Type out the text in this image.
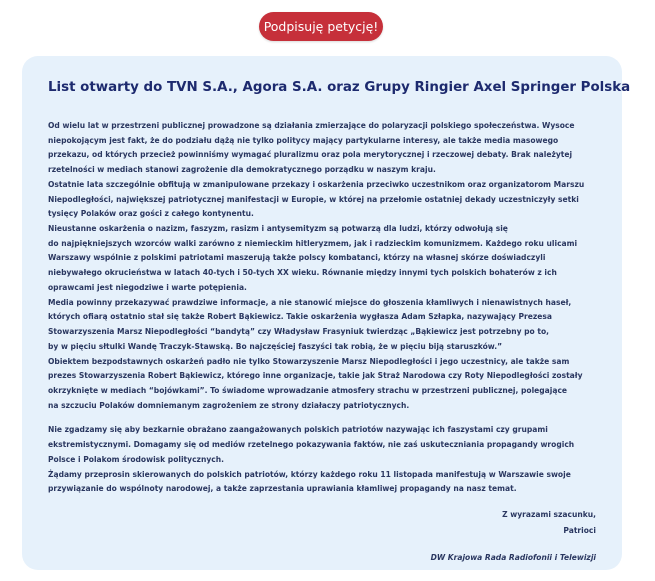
Podpisuję petycję!
List otwarty do TVN S.A., Agora S.A. oraz Grupy Ringier Axel Springer Polska
Od wielu lat w przestrzeni publicznej prowadzone są działania zmierzające do polaryzacji polskiego społeczeństwa. Wysoce
niepokojącym jest fakt, że do podziału dążą nie tylko politycy mający partykularne interesy, ale także media masowego
przekazu, od których przecież powinniśmy wymagać pluralizmu oraz pola merytorycznej i rzeczowej debaty. Brak należytej
rzetelności w mediach stanowi zagrożenie dla demokratycznego porządku w naszym kraju.
Ostatnie lata szczególnie obfitują w zmanipulowane przekazy i oskarżenia przeciwko uczestnikom oraz organizatorom Marszu
Niepodległości, największej patriotycznej manifestacji w Europie, w której na przełomie ostatniej dekady uczestniczyły setki
tysięcy Polaków oraz gości z całego kontynentu.
Nieustanne oskarżenia o nazizm, faszyzm, rasizm i antysemityzm są potwarzą dla ludzi, którzy odwołują się
do najpiękniejszych wzorców walki zarówno z niemieckim hitleryzmem, jak i radzieckim komunizmem. Każdego roku ulicami
Warszawy wspólnie z polskimi patriotami maszerują także polscy kombatanci, którzy na własnej skórze doświadczyli
niebywałego okrucieństwa w latach 40-tych i 50-tych XX wieku. Równanie między innymi tych polskich bohaterów z ich
oprawcami jest niegodziwe i warte potępienia.
Media powinny przekazywać prawdziwe informacje, a nie stanowić miejsce do głoszenia kłamliwych i nienawistnych haseł,
których ofiarą ostatnio stał się także Robert Bąkiewicz. Takie oskarżenia wygłasza Adam Szłapka, nazywający Prezesa
Stowarzyszenia Marsz Niepodległości “bandytą” czy Władysław Frasyniuk twierdząc „Bąkiewicz jest potrzebny po to,
by w pięciu słtulki Wandę Traczyk-Stawską. Bo najczęściej faszyści tak robią, że w pięciu biją staruszków.”
Obiektem bezpodstawnych oskarżeń padło nie tylko Stowarzyszenie Marsz Niepodległości i jego uczestnicy, ale także sam
prezes Stowarzyszenia Robert Bąkiewicz, którego inne organizacje, takie jak Straż Narodowa czy Roty Niepodległości zostały
okrzyknięte w mediach “bojówkami”. To świadome wprowadzanie atmosfery strachu w przestrzeni publicznej, polegające
na szczuciu Polaków domniemanym zagrożeniem ze strony działaczy patriotycznych.
Nie zgadzamy się aby bezkarnie obrażano zaangażowanych polskich patriotów nazywając ich faszystami czy grupami
ekstremistycznymi. Domagamy się od mediów rzetelnego pokazywania faktów, nie zaś uskuteczniania propagandy wrogich
Polsce i Polakom środowisk politycznych.
Żądamy przeprosin skierowanych do polskich patriotów, którzy każdego roku 11 listopada manifestują w Warszawie swoje
przywiązanie do wspólnoty narodowej, a także zaprzestania uprawiania kłamliwej propagandy na nasz temat.
Z wyrazami szacunku,
Patrioci
DW Krajowa Rada Radiofonii i Telewizji
